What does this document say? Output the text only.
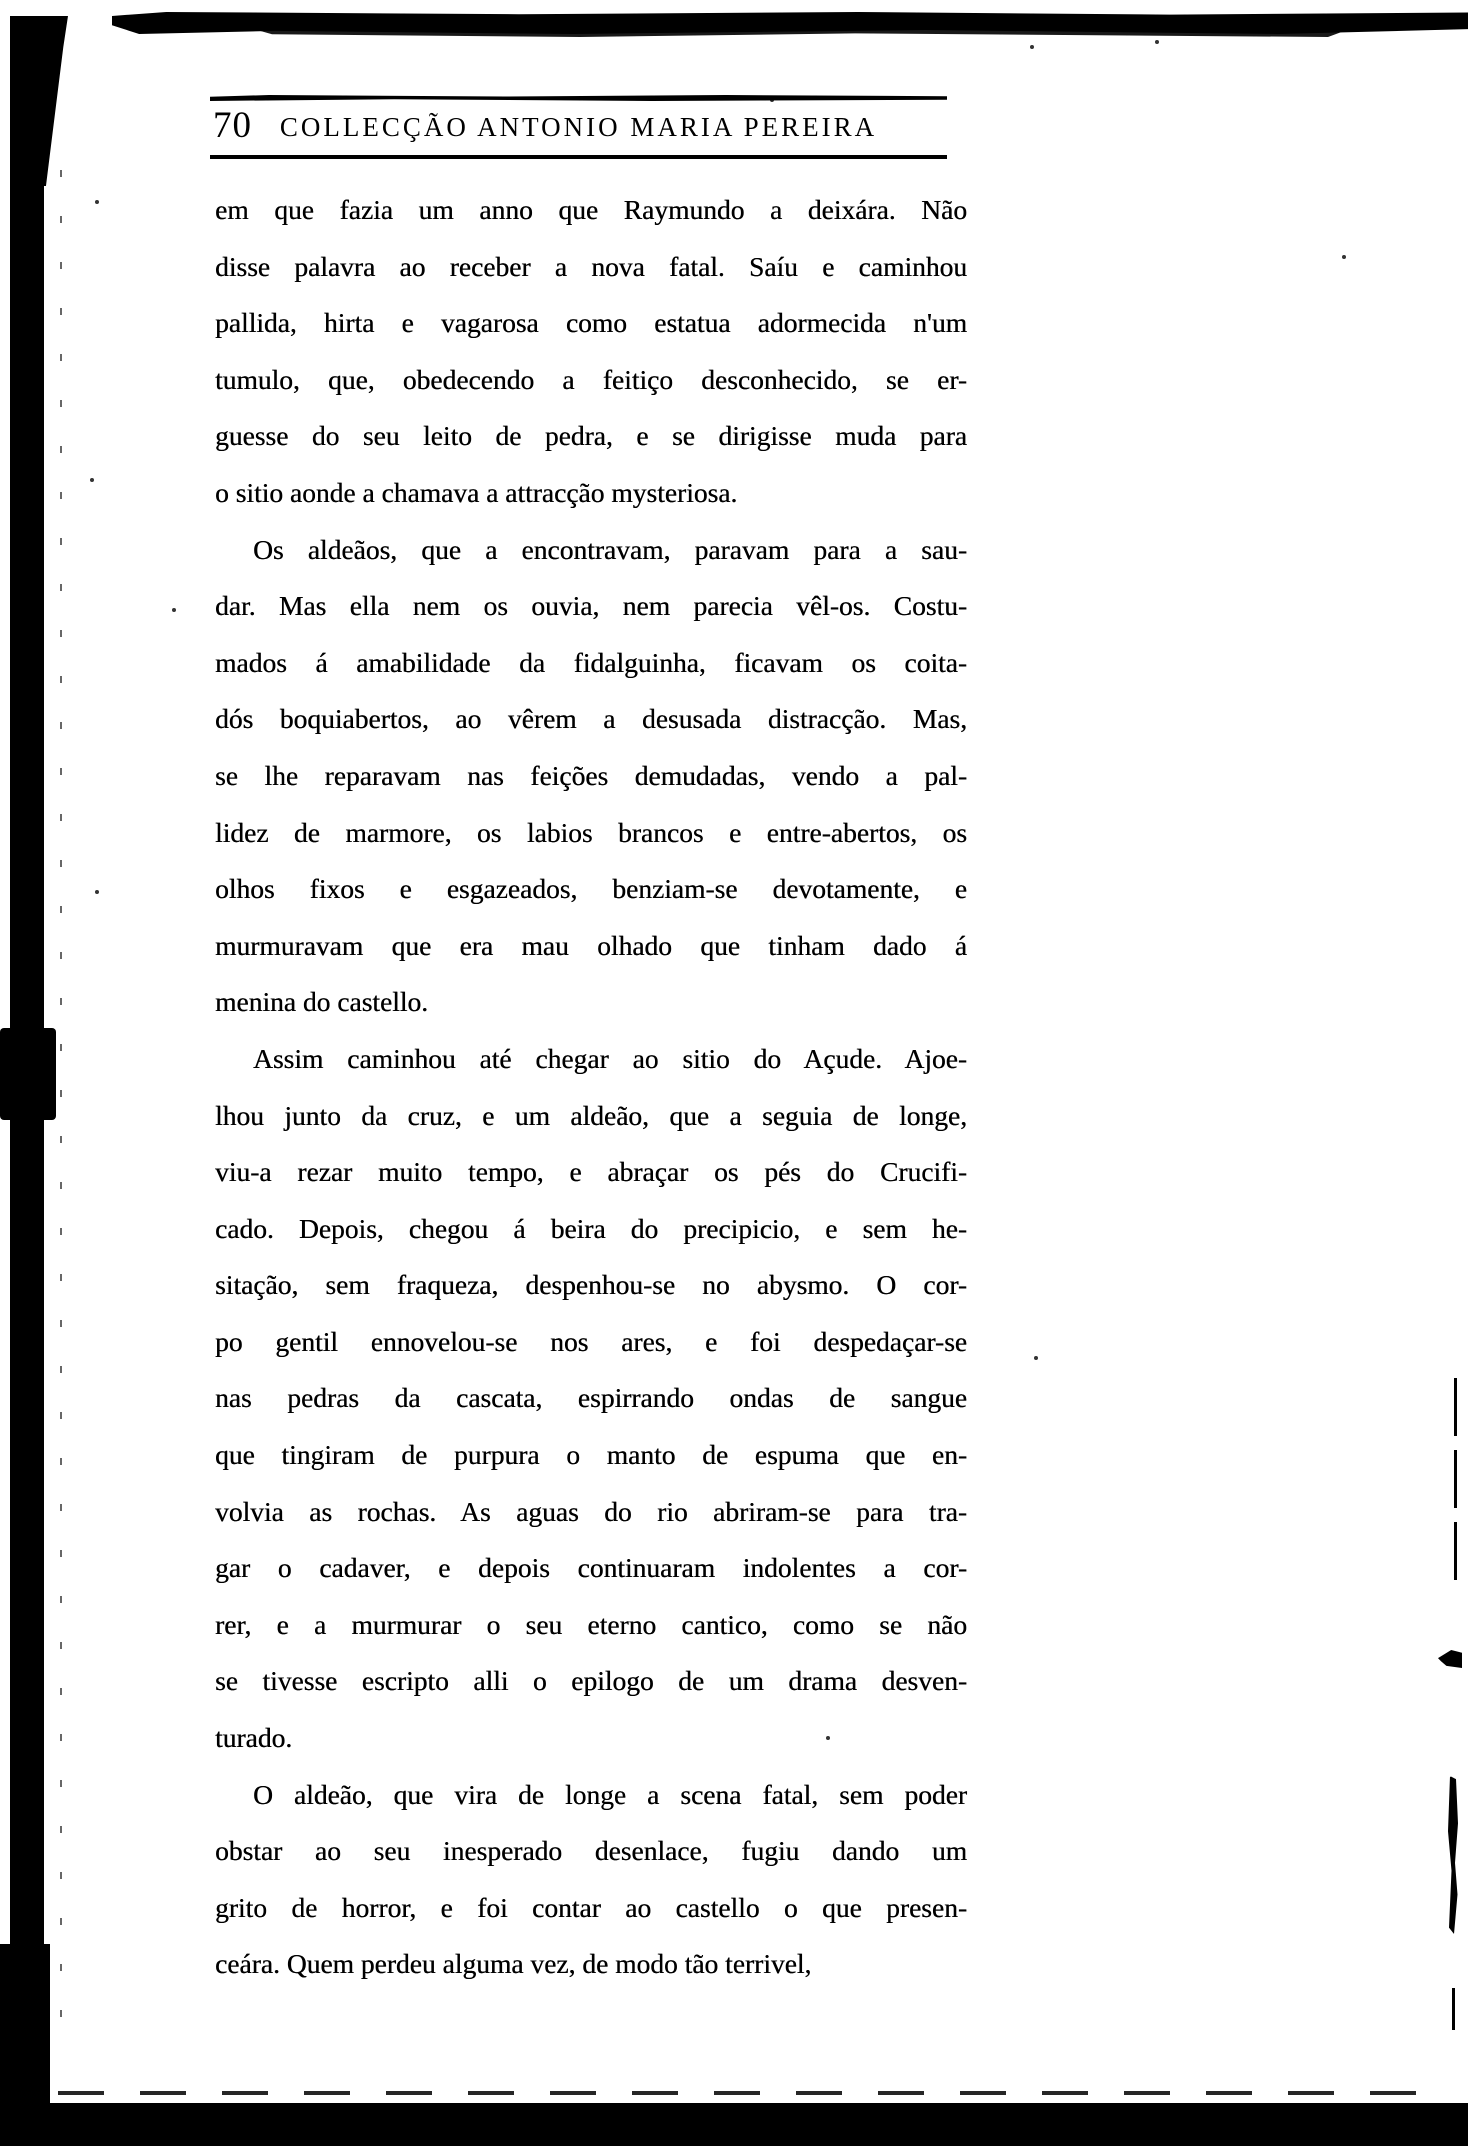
70	COLLECÇÃO ANTONIO MARIA PEREIRA
em que fazia um anno que Raymundo a deixára. Não
disse palavra ao receber a nova fatal. Saíu e caminhou
pallida, hirta e vagarosa como estatua adormecida n'um
tumulo, que, obedecendo a feitiço desconhecido, se er-
guesse do seu leito de pedra, e se dirigisse muda para
o sitio aonde a chamava a attracção mysteriosa.
Os aldeãos, que a encontravam, paravam para a sau-
dar. Mas ella nem os ouvia, nem parecia vêl-os. Costu-
mados á amabilidade da fidalguinha, ficavam os coita-
dós boquiabertos, ao vêrem a desusada distracção. Mas,
se lhe reparavam nas feições demudadas, vendo a pal-
lidez de marmore, os labios brancos e entre-abertos, os
olhos fixos e esgazeados, benziam-se devotamente, e
murmuravam que era mau olhado que tinham dado á
menina do castello.
Assim caminhou até chegar ao sitio do Açude. Ajoe-
lhou junto da cruz, e um aldeão, que a seguia de longe,
viu-a rezar muito tempo, e abraçar os pés do Crucifi-
cado. Depois, chegou á beira do precipicio, e sem he-
sitação, sem fraqueza, despenhou-se no abysmo. O cor-
po gentil ennovelou-se nos ares, e foi despedaçar-se
nas pedras da cascata, espirrando ondas de sangue
que tingiram de purpura o manto de espuma que en-
volvia as rochas. As aguas do rio abriram-se para tra-
gar o cadaver, e depois continuaram indolentes a cor-
rer, e a murmurar o seu eterno cantico, como se não
se tivesse escripto alli o epilogo de um drama desven-
turado.
O aldeão, que vira de longe a scena fatal, sem poder
obstar ao seu inesperado desenlace, fugiu dando um
grito de horror, e foi contar ao castello o que presen-
ceára. Quem perdeu alguma vez, de modo tão terrivel,
